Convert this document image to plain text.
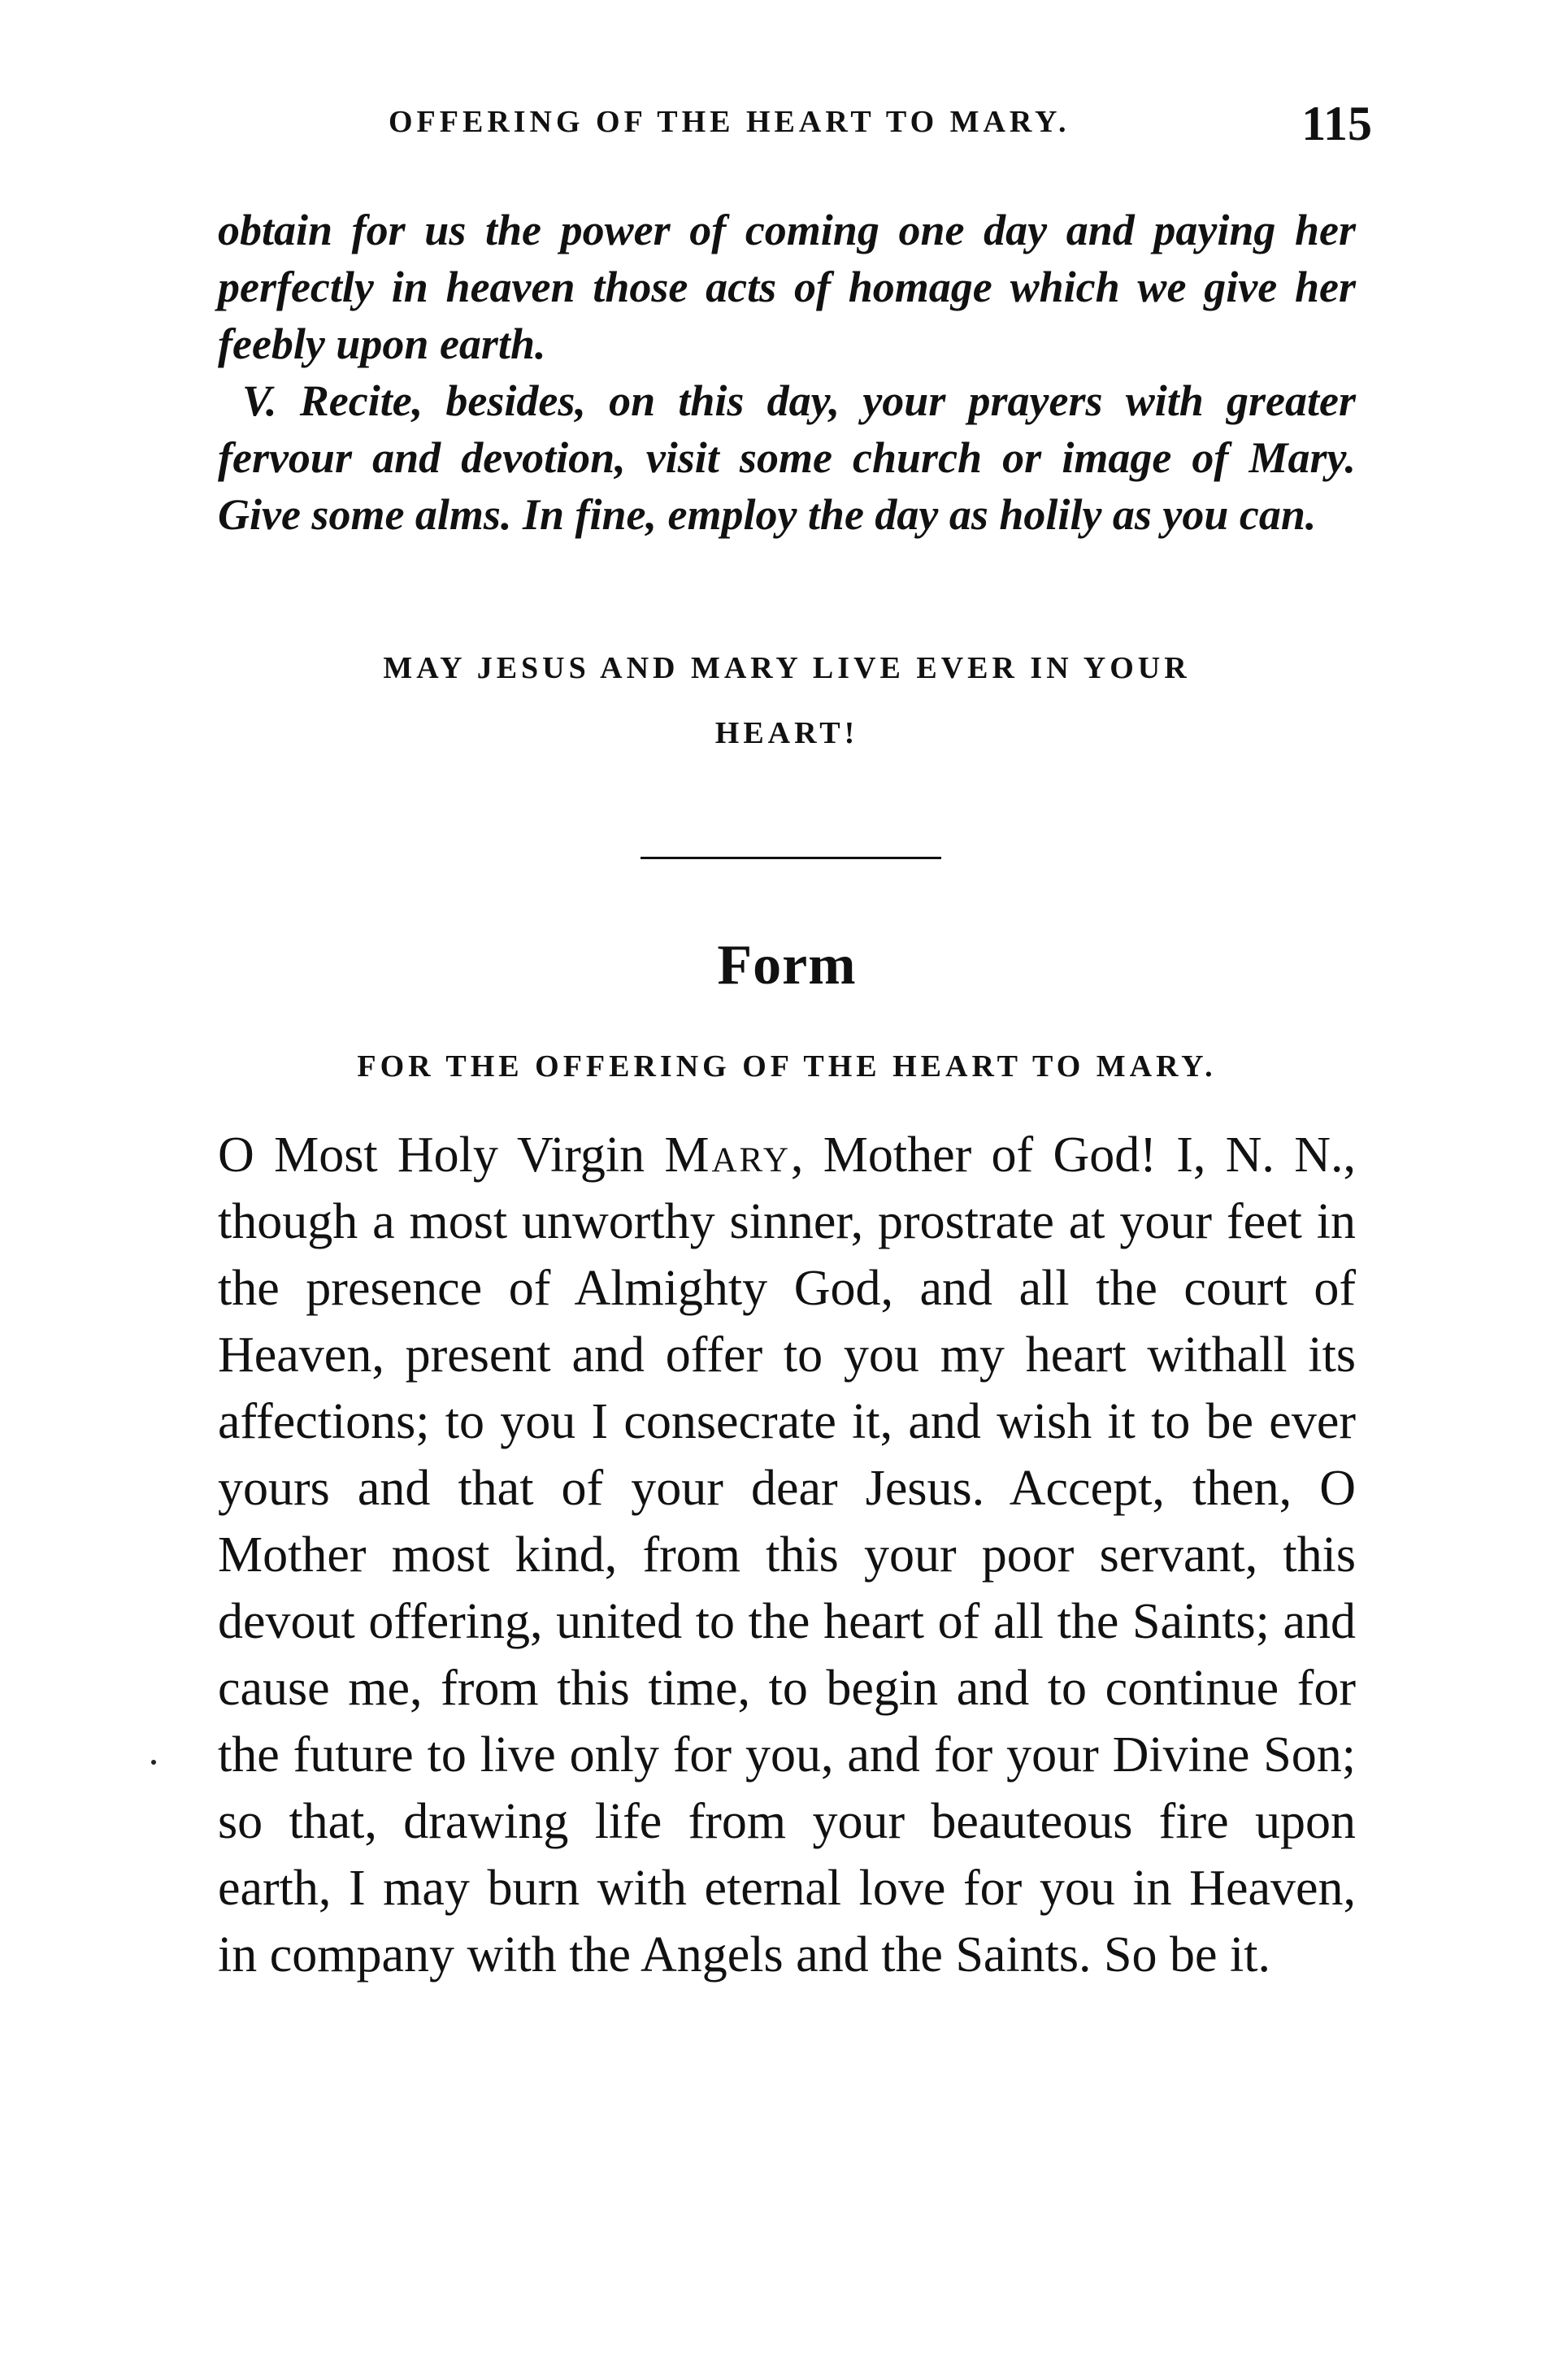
OFFERING OF THE HEART TO MARY.	115

obtain for us the power of coming one day and paying her perfectly in heaven those acts of homage which we give her feebly upon earth.

V. Recite, besides, on this day, your prayers with greater fervour and devotion, visit some church or image of Mary. Give some alms. In fine, employ the day as holily as you can.

MAY JESUS AND MARY LIVE EVER IN YOUR
HEART!
Form
FOR THE OFFERING OF THE HEART TO MARY.

O Most Holy Virgin Mary, Mother of God! I, N. N., though a most unworthy sinner, prostrate at your feet in the presence of Almighty God, and all the court of Heaven, present and offer to you my heart withall its affections; to you I consecrate it, and wish it to be ever yours and that of your dear Jesus. Accept, then, O Mother most kind, from this your poor servant, this devout offering, united to the heart of all the Saints; and cause me, from this time, to begin and to continue for the future to live only for you, and for your Divine Son; so that, drawing life from your beauteous fire upon earth, I may burn with eternal love for you in Heaven, in company with the Angels and the Saints. So be it.
